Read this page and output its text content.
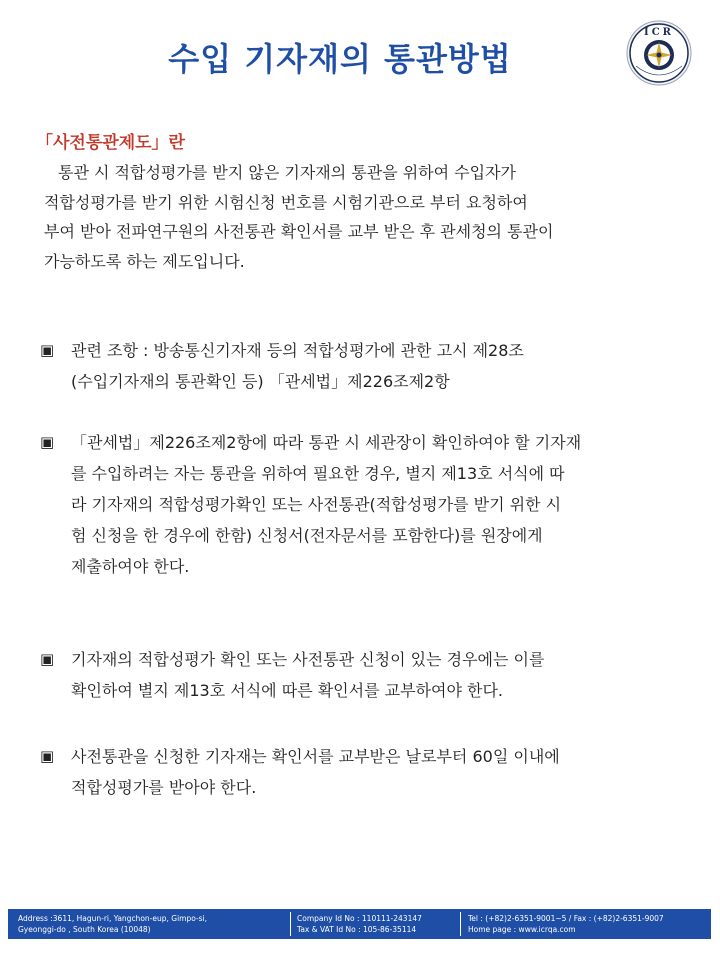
수입 기자재의 통관방법
ICR
「사전통관제도」란
통관 시 적합성평가를 받지 않은 기자재의 통관을 위하여 수입자가
적합성평가를 받기 위한 시험신청 번호를 시험기관으로 부터 요청하여
부여 받아 전파연구원의 사전통관 확인서를 교부 받은 후 관세청의 통관이
가능하도록 하는 제도입니다.
▣	관련 조항 : 방송통신기자재 등의 적합성평가에 관한 고시 제28조
(수입기자재의 통관확인 등) 「관세법」제226조제2항
▣	「관세법」제226조제2항에 따라 통관 시 세관장이 확인하여야 할 기자재
를 수입하려는 자는 통관을 위하여 필요한 경우, 별지 제13호 서식에 따
라 기자재의 적합성평가확인 또는 사전통관(적합성평가를 받기 위한 시
험 신청을 한 경우에 한함) 신청서(전자문서를 포함한다)를 원장에게
제출하여야 한다.
▣	기자재의 적합성평가 확인 또는 사전통관 신청이 있는 경우에는 이를
확인하여 별지 제13호 서식에 따른 확인서를 교부하여야 한다.
▣	사전통관을 신청한 기자재는 확인서를 교부받은 날로부터 60일 이내에
적합성평가를 받아야 한다.
Address :3611, Hagun-ri, Yangchon-eup, Gimpo-si,
Gyeonggi-do , South Korea (10048)
Company Id No : 110111-243147
Tax & VAT Id No : 105-86-35114
Tel : (+82)2-6351-9001~5 / Fax : (+82)2-6351-9007
Home page : www.icrqa.com
